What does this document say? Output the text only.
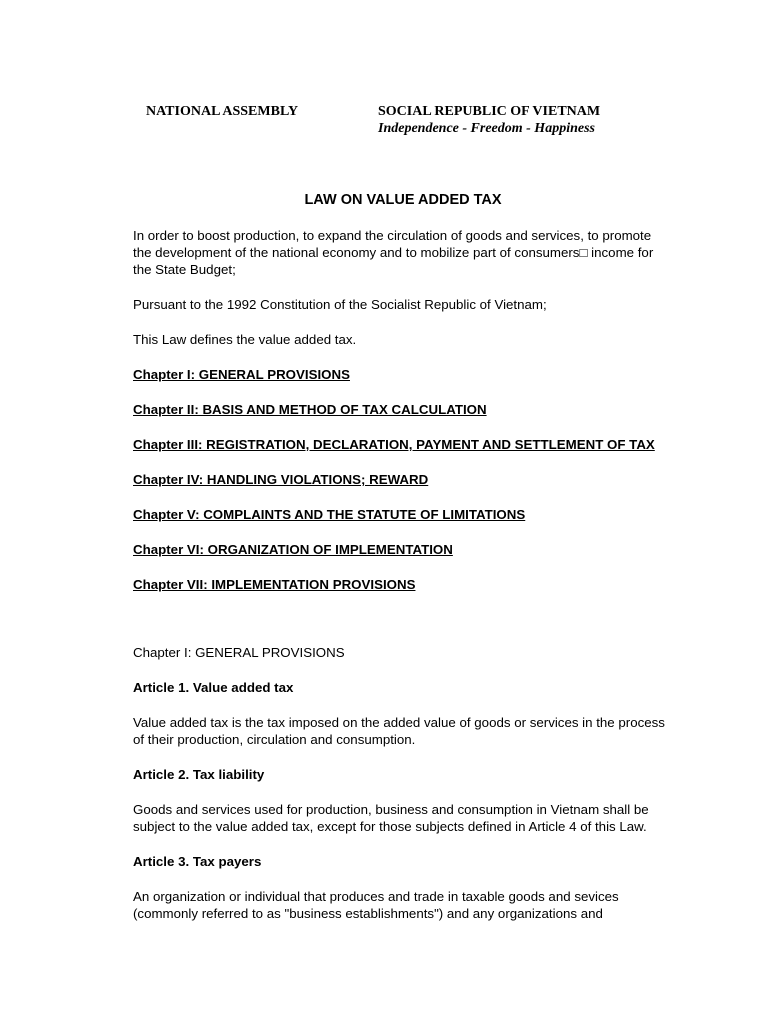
NATIONAL ASSEMBLY	SOCIAL REPUBLIC OF VIETNAM
Independence - Freedom - Happiness
LAW ON VALUE ADDED TAX

In order to boost production, to expand the circulation of goods and services, to promote the development of the national economy and to mobilize part of consumers□ income for the State Budget;

Pursuant to the 1992 Constitution of the Socialist Republic of Vietnam;

This Law defines the value added tax.

Chapter I: GENERAL PROVISIONS

Chapter II: BASIS AND METHOD OF TAX CALCULATION

Chapter III: REGISTRATION, DECLARATION, PAYMENT AND SETTLEMENT OF TAX

Chapter IV: HANDLING VIOLATIONS; REWARD

Chapter V: COMPLAINTS AND THE STATUTE OF LIMITATIONS

Chapter VI: ORGANIZATION OF IMPLEMENTATION

Chapter VII: IMPLEMENTATION PROVISIONS

Chapter I: GENERAL PROVISIONS

Article 1. Value added tax

Value added tax is the tax imposed on the added value of goods or services in the process of their production, circulation and consumption.

Article 2. Tax liability

Goods and services used for production, business and consumption in Vietnam shall be subject to the value added tax, except for those subjects defined in Article 4 of this Law.

Article 3. Tax payers

An organization or individual that produces and trade in taxable goods and sevices (commonly referred to as "business establishments") and any organizations and
